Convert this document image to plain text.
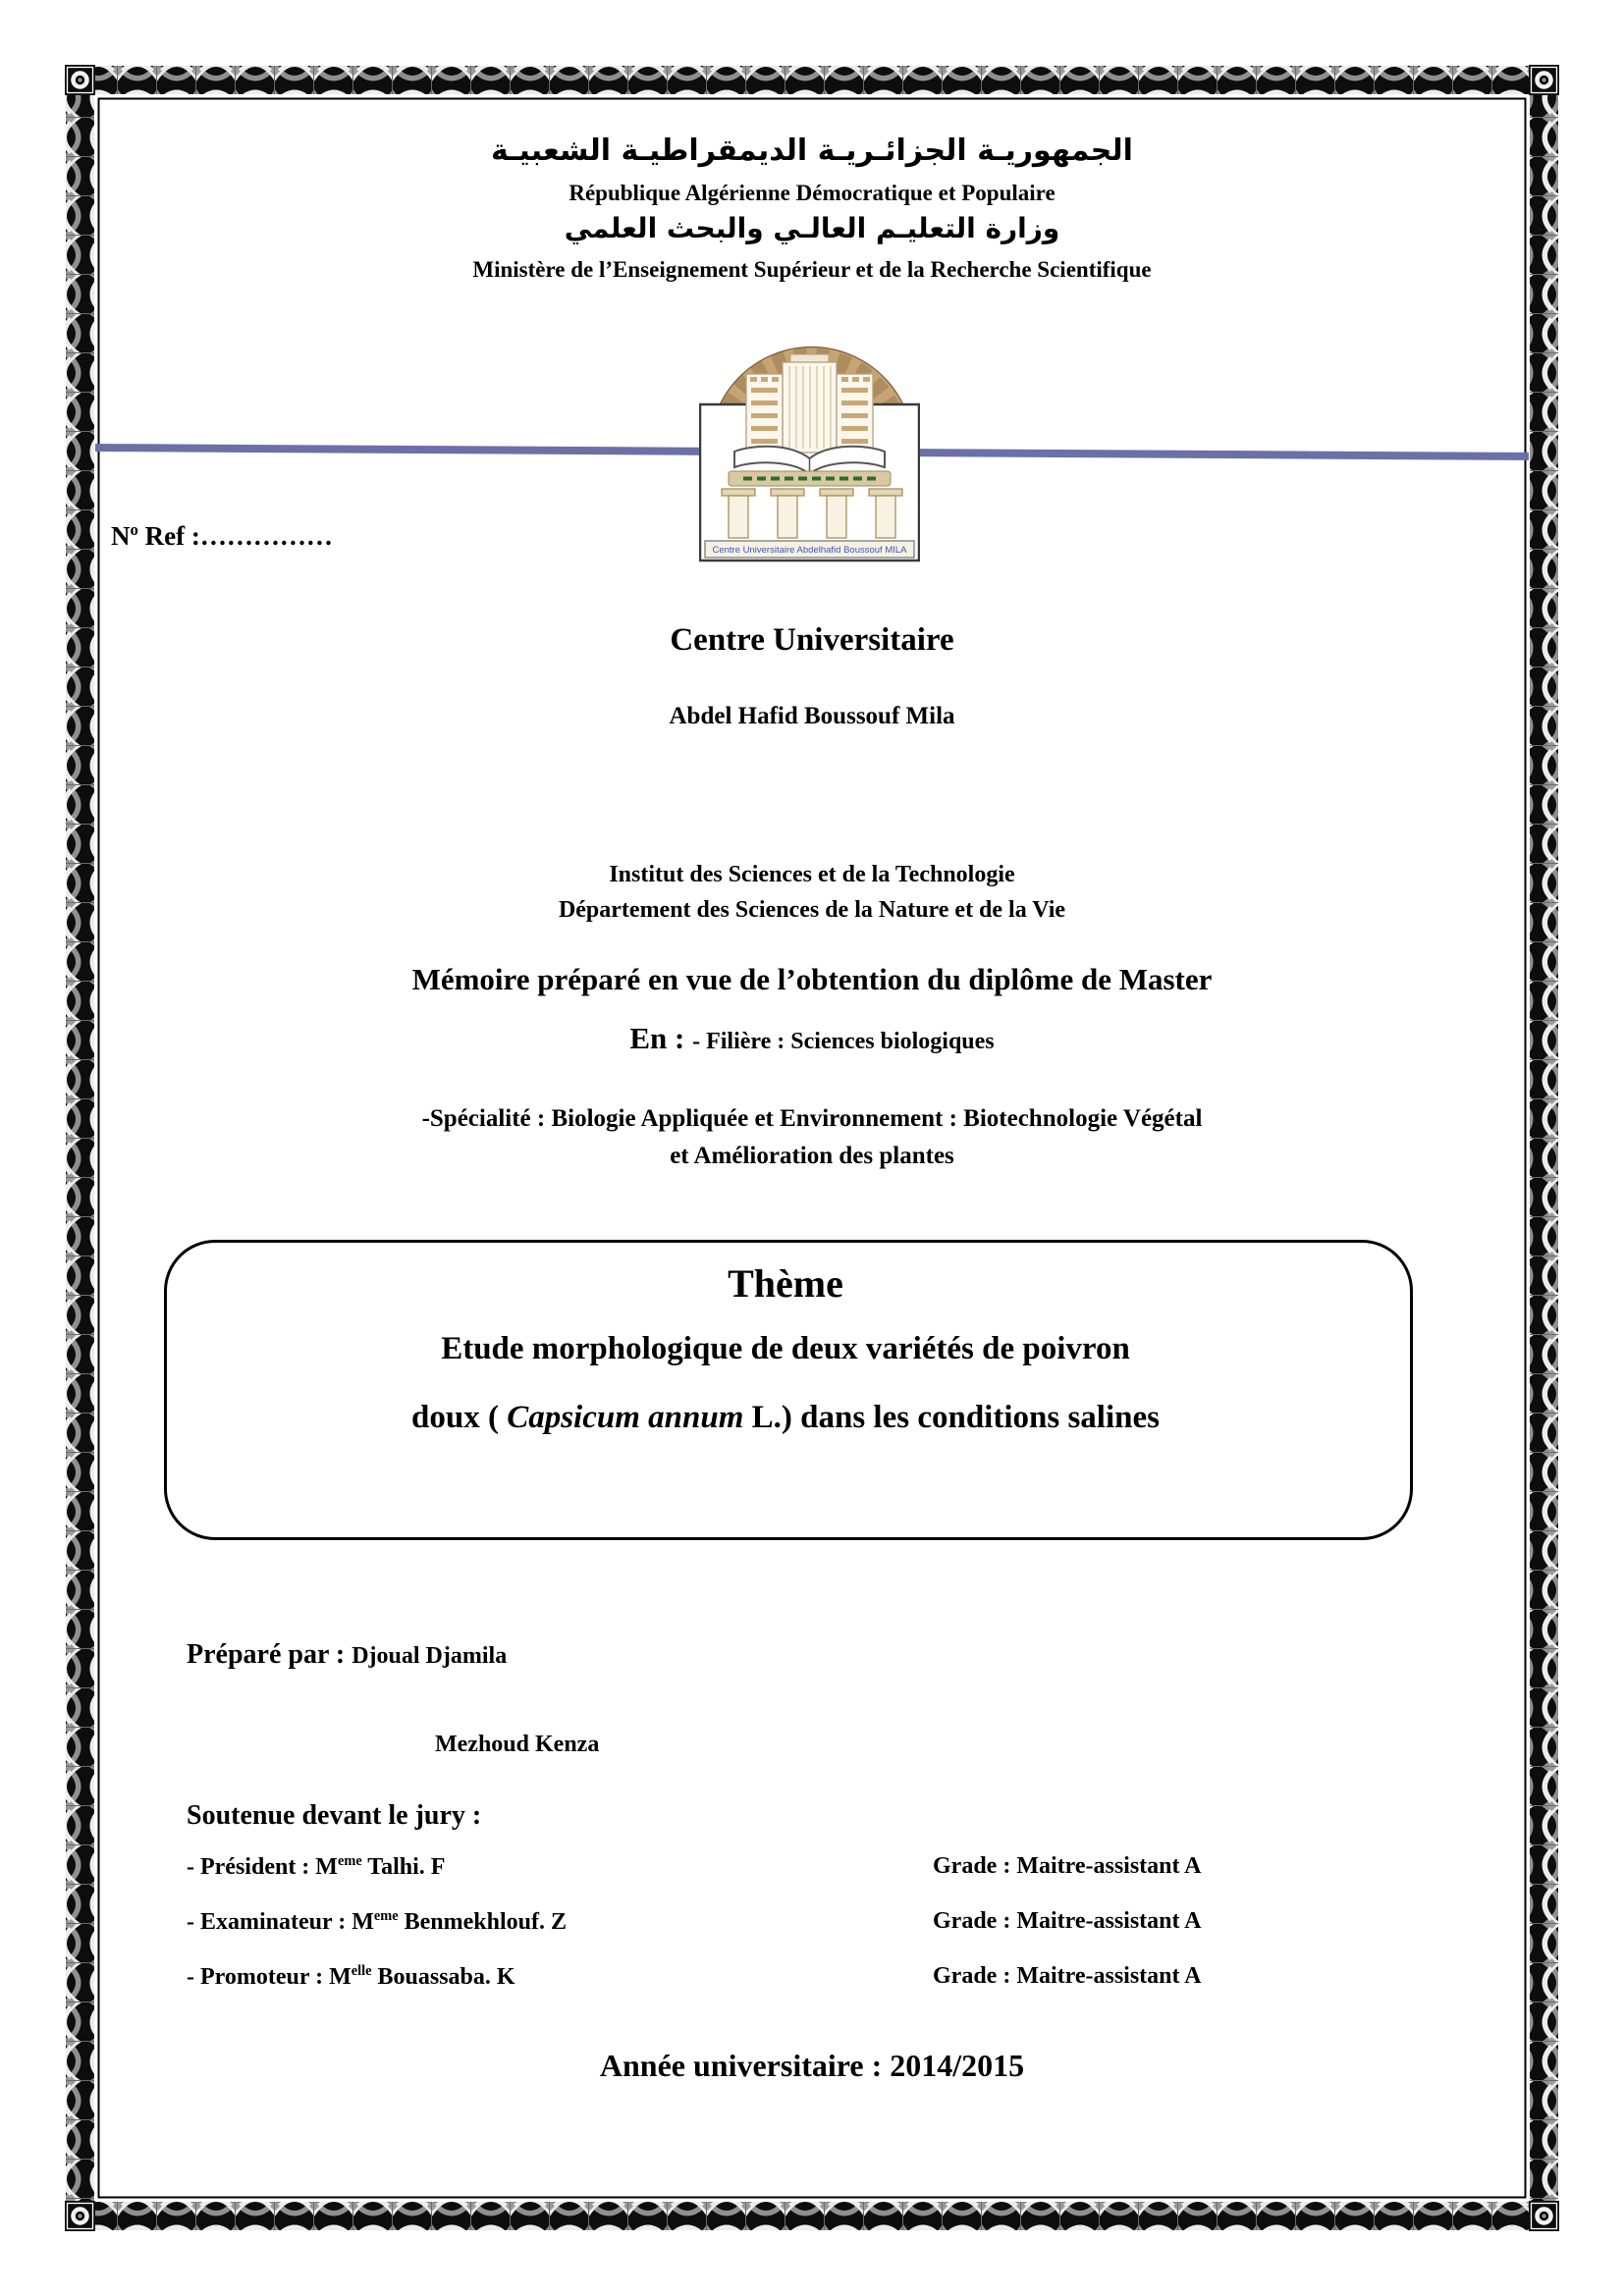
الجمهوريـة الجزائـريـة الديمقراطيـة الشعبيـة
République Algérienne Démocratique et Populaire
وزارة التعليـم العالـي والبحث العلمي
Ministère de l’Enseignement Supérieur et de la Recherche Scientifique
Centre Universitaire Abdelhafid Boussouf MILA
$N^o$ Ref :……………
Centre Universitaire
Abdel Hafid Boussouf Mila
Institut des Sciences et de la Technologie
Département des Sciences de la Nature et de la Vie
Mémoire préparé en vue de l’obtention du diplôme de Master
En : - Filière : Sciences biologiques
-Spécialité : Biologie Appliquée et Environnement : Biotechnologie Végétal
et Amélioration des plantes
Thème
Etude morphologique de deux variétés de poivron
doux ( Capsicum annum L.) dans les conditions salines
Préparé par : Djoual Djamila
Mezhoud Kenza
Soutenue devant le jury :
- Président : Meme Talhi. F	Grade : Maitre-assistant A
- Examinateur : Meme Benmekhlouf. Z	Grade : Maitre-assistant A
- Promoteur : $M^{elle}$ Bouassaba. K	Grade : Maitre-assistant A
Année universitaire : 2014/2015
